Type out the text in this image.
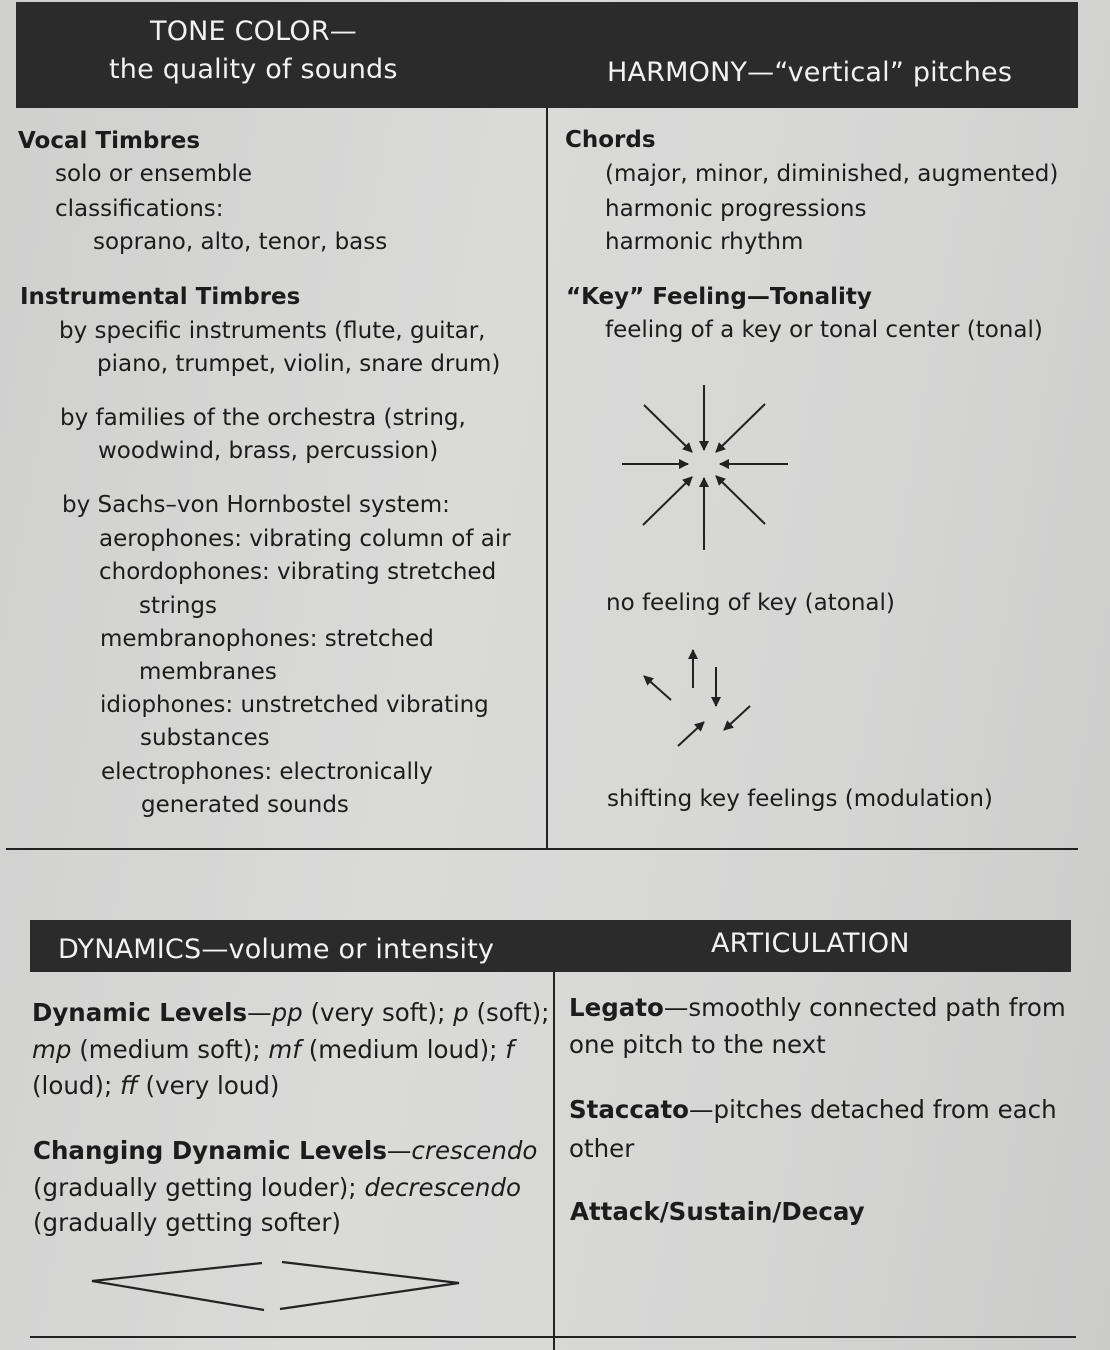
TONE COLOR—
the quality of sounds	HARMONY—“vertical” pitches
Vocal Timbres
solo or ensemble
classifications:
soprano, alto, tenor, bass
Instrumental Timbres
by specific instruments (flute, guitar,
piano, trumpet, violin, snare drum)
by families of the orchestra (string,
woodwind, brass, percussion)
by Sachs–von Hornbostel system:
aerophones: vibrating column of air
chordophones: vibrating stretched
strings
membranophones: stretched
membranes
idiophones: unstretched vibrating
substances
electrophones: electronically
generated sounds
Chords
(major, minor, diminished, augmented)
harmonic progressions
harmonic rhythm
“Key” Feeling—Tonality
feeling of a key or tonal center (tonal)
no feeling of key (atonal)
shifting key feelings (modulation)
DYNAMICS—volume or intensity	ARTICULATION
Dynamic Levels—pp (very soft); p (soft);
mp (medium soft); mf (medium loud); f
(loud); ff (very loud)
Changing Dynamic Levels—crescendo
(gradually getting louder); decrescendo
(gradually getting softer)
Legato—smoothly connected path from
one pitch to the next
Staccato—pitches detached from each
other
Attack/Sustain/Decay
